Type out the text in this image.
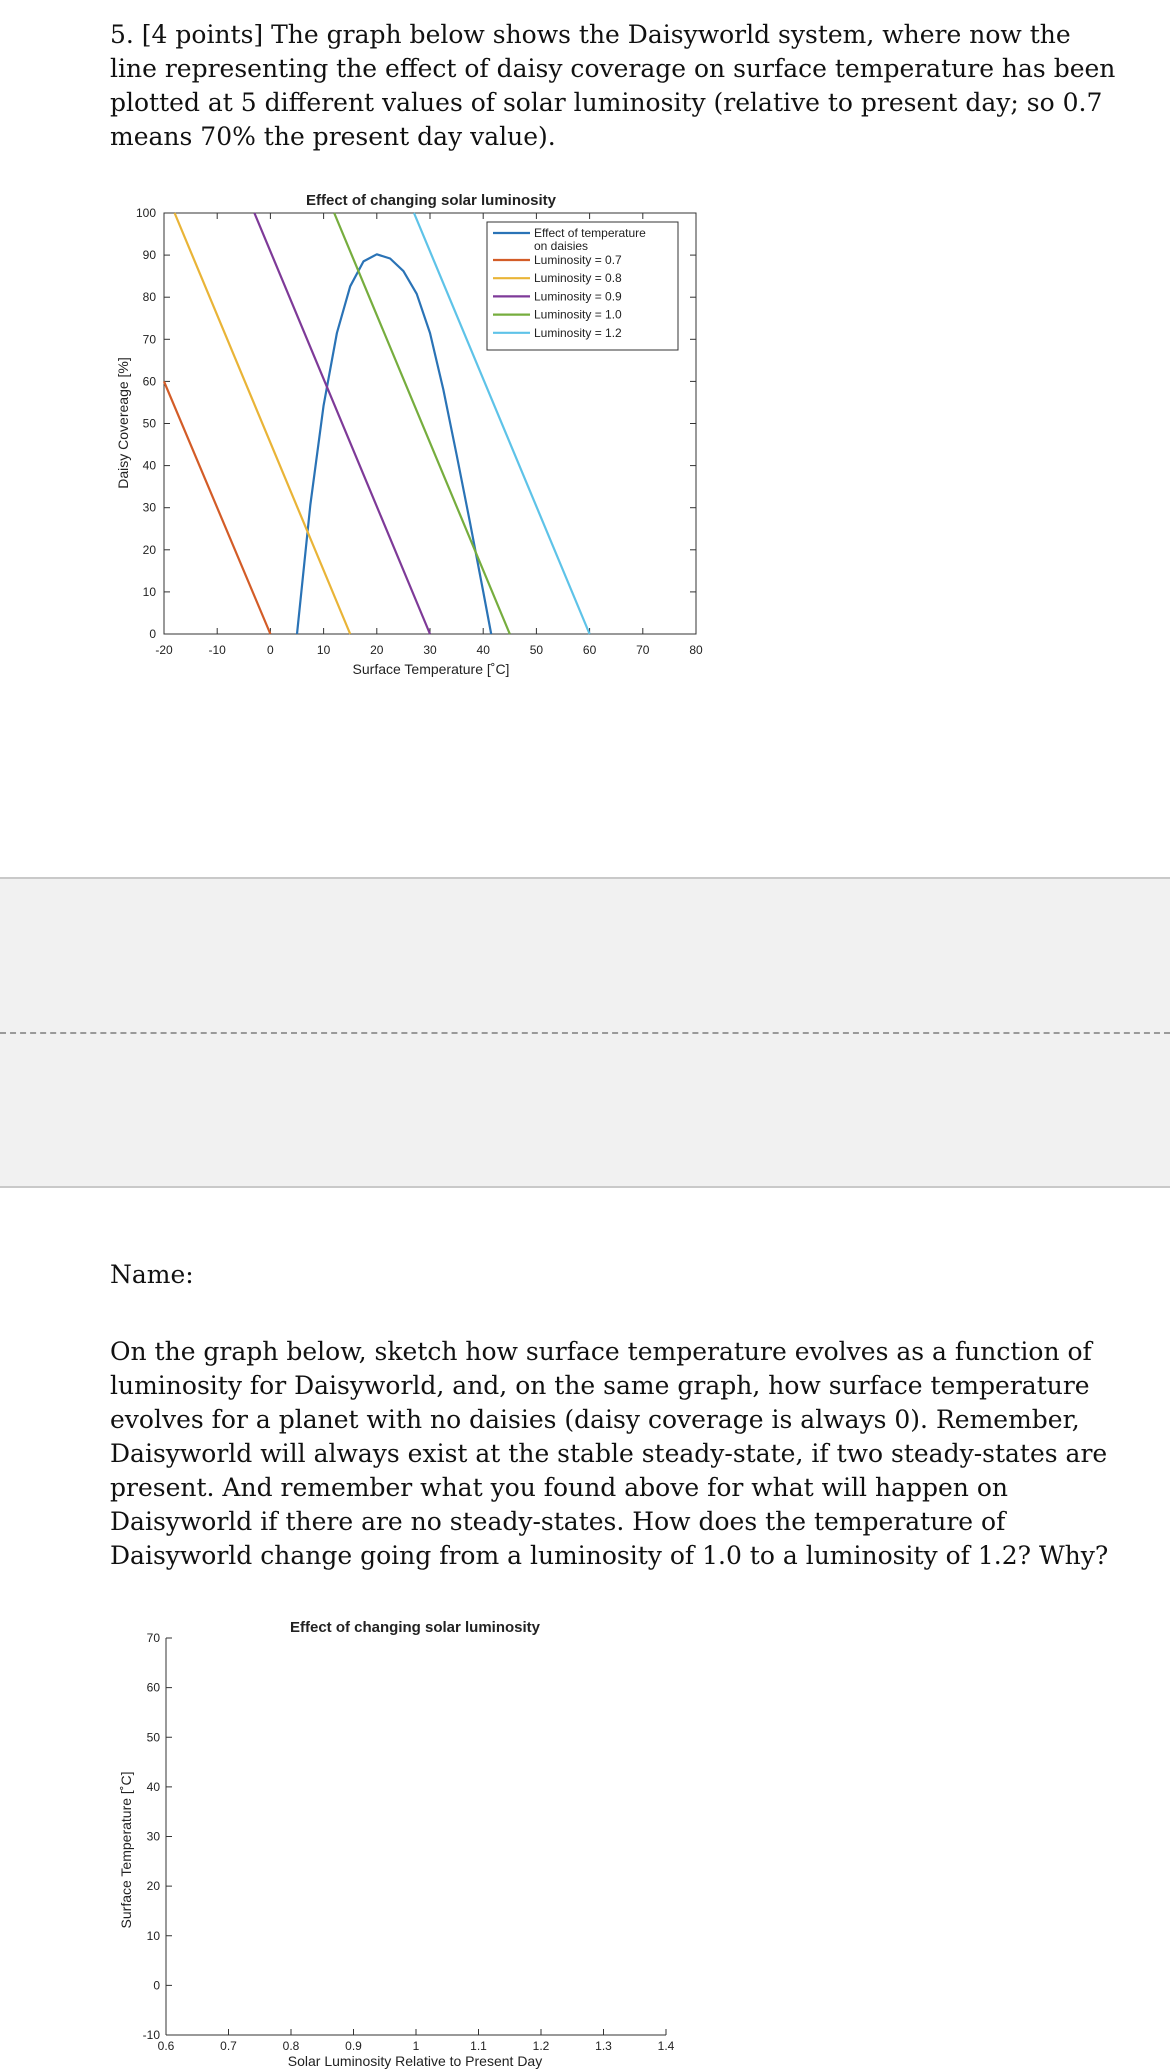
5. [4 points] The graph below shows the Daisyworld system, where now the line representing the effect of daisy coverage on surface temperature has been plotted at 5 different values of solar luminosity (relative to present day; so 0.7 means 70% the present day value).

Effect of changing solar luminosity
-20	-10	0	10	20	30	40	50	60	70	80
0
10
20
30
40
50
60
70
80
90
100
Surface Temperature [˚C]
Daisy Covereage [%]
Effect of temperature
on daisies
Luminosity = 0.7
Luminosity = 0.8
Luminosity = 0.9
Luminosity = 1.0
Luminosity = 1.2
Name:

On the graph below, sketch how surface temperature evolves as a function of luminosity for Daisyworld, and, on the same graph, how surface temperature evolves for a planet with no daisies (daisy coverage is always 0). Remember, Daisyworld will always exist at the stable steady-state, if two steady-states are present. And remember what you found above for what will happen on Daisyworld if there are no steady-states. How does the temperature of Daisyworld change going from a luminosity of 1.0 to a luminosity of 1.2? Why?

Effect of changing solar luminosity
0.6	0.7	0.8	0.9	1	1.1	1.2	1.3	1.4
-10
0
10
20
30
40
50
60
70
Solar Luminosity Relative to Present Day
Surface Temperature [˚C]
